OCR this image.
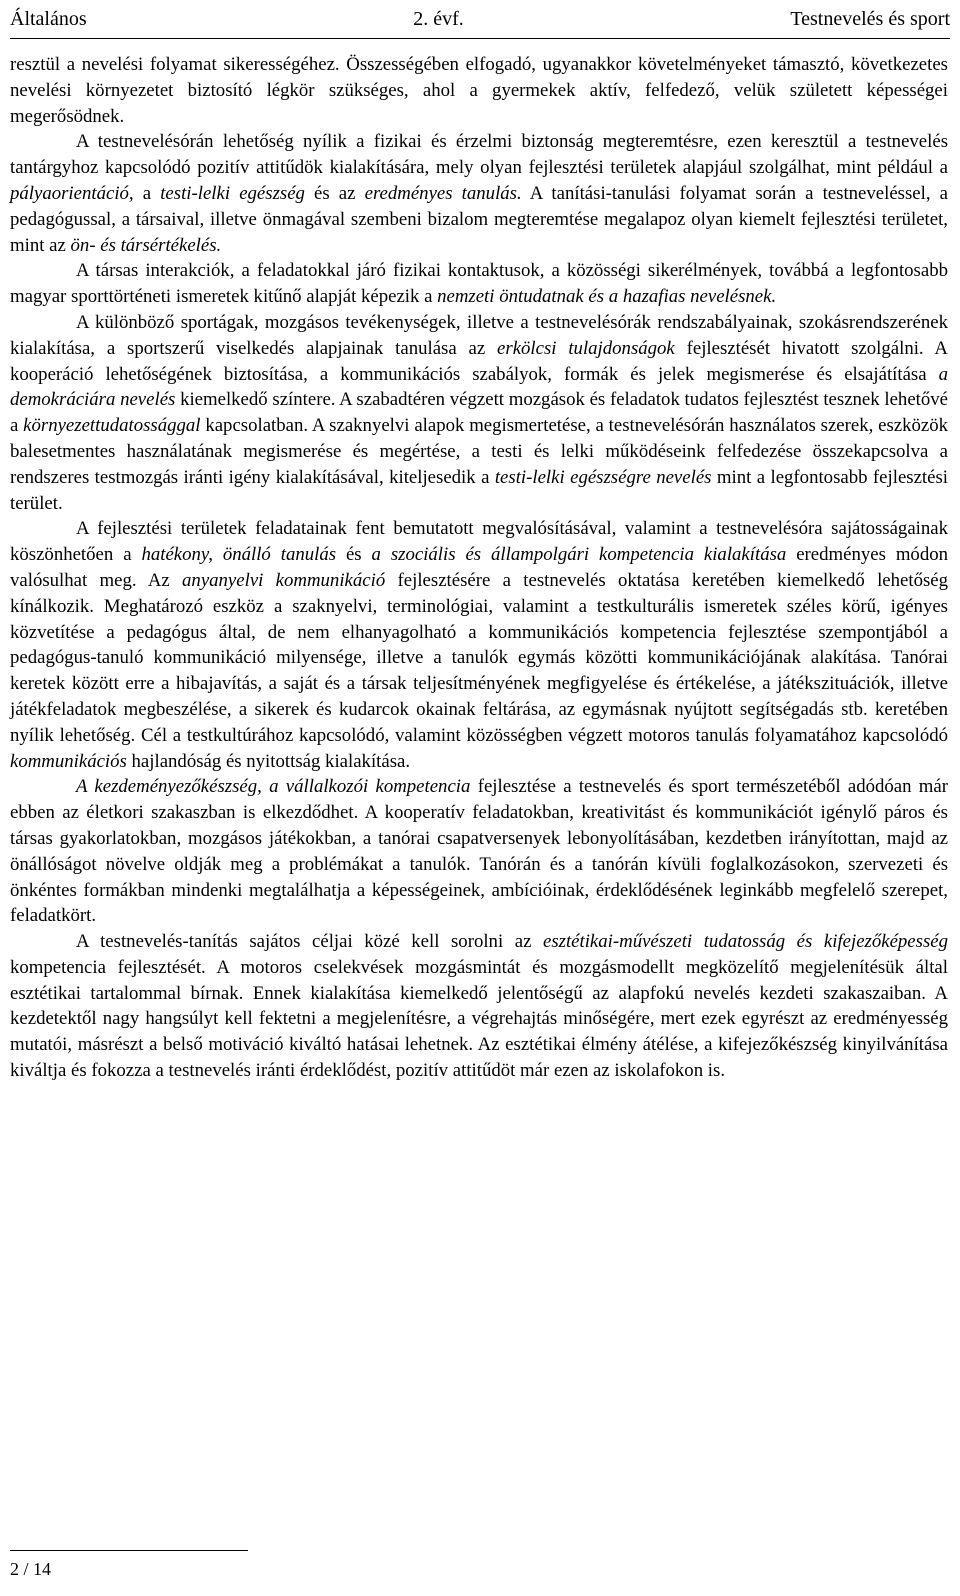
Általános	2. évf.	Testnevelés és sport

resztül a nevelési folyamat sikerességéhez. Összességében elfogadó, ugyanakkor követelményeket támasztó, következetes nevelési környezetet biztosító légkör szükséges, ahol a gyermekek aktív, felfedező, velük született képességei megerősödnek.

A testnevelésórán lehetőség nyílik a fizikai és érzelmi biztonság megteremtésre, ezen keresztül a testnevelés tantárgyhoz kapcsolódó pozitív attitűdök kialakítására, mely olyan fejlesztési területek alapjául szolgálhat, mint például a pályaorientáció, a testi-lelki egészség és az eredményes tanulás. A tanítási-tanulási folyamat során a testneveléssel, a pedagógussal, a társaival, illetve önmagával szembeni bizalom megteremtése megalapoz olyan kiemelt fejlesztési területet, mint az ön- és társértékelés.

A társas interakciók, a feladatokkal járó fizikai kontaktusok, a közösségi sikerélmények, továbbá a legfontosabb magyar sporttörténeti ismeretek kitűnő alapját képezik a nemzeti öntudatnak és a hazafias nevelésnek.

A különböző sportágak, mozgásos tevékenységek, illetve a testnevelésórák rendszabályainak, szokásrendszerének kialakítása, a sportszerű viselkedés alapjainak tanulása az erkölcsi tulajdonságok fejlesztését hivatott szolgálni. A kooperáció lehetőségének biztosítása, a kommunikációs szabályok, formák és jelek megismerése és elsajátítása a demokráciára nevelés kiemelkedő színtere. A szabadtéren végzett mozgások és feladatok tudatos fejlesztést tesznek lehetővé a környezettudatossággal kapcsolatban. A szaknyelvi alapok megismertetése, a testnevelésórán használatos szerek, eszközök balesetmentes használatának megismerése és megértése, a testi és lelki működéseink felfedezése összekapcsolva a rendszeres testmozgás iránti igény kialakításával, kiteljesedik a testi-lelki egészségre nevelés mint a legfontosabb fejlesztési terület.

A fejlesztési területek feladatainak fent bemutatott megvalósításával, valamint a testnevelésóra sajátosságainak köszönhetően a hatékony, önálló tanulás és a szociális és állampolgári kompetencia kialakítása eredményes módon valósulhat meg. Az anyanyelvi kommunikáció fejlesztésére a testnevelés oktatása keretében kiemelkedő lehetőség kínálkozik. Meghatározó eszköz a szaknyelvi, terminológiai, valamint a testkulturális ismeretek széles körű, igényes közvetítése a pedagógus által, de nem elhanyagolható a kommunikációs kompetencia fejlesztése szempontjából a pedagógus-tanuló kommunikáció milyensége, illetve a tanulók egymás közötti kommunikációjának alakítása. Tanórai keretek között erre a hibajavítás, a saját és a társak teljesítményének megfigyelése és értékelése, a játékszituációk, illetve játékfeladatok megbeszélése, a sikerek és kudarcok okainak feltárása, az egymásnak nyújtott segítségadás stb. keretében nyílik lehetőség. Cél a testkultúrához kapcsolódó, valamint közösségben végzett motoros tanulás folyamatához kapcsolódó kommunikációs hajlandóság és nyitottság kialakítása.

A kezdeményezőkészség, a vállalkozói kompetencia fejlesztése a testnevelés és sport természetéből adódóan már ebben az életkori szakaszban is elkezdődhet. A kooperatív feladatokban, kreativitást és kommunikációt igénylő páros és társas gyakorlatokban, mozgásos játékokban, a tanórai csapatversenyek lebonyolításában, kezdetben irányítottan, majd az önállóságot növelve oldják meg a problémákat a tanulók. Tanórán és a tanórán kívüli foglalkozásokon, szervezeti és önkéntes formákban mindenki megtalálhatja a képességeinek, ambícióinak, érdeklődésének leginkább megfelelő szerepet, feladatkört.

A testnevelés-tanítás sajátos céljai közé kell sorolni az esztétikai-művészeti tudatosság és kifejezőképesség kompetencia fejlesztését. A motoros cselekvések mozgásmintát és mozgásmodellt megközelítő megjelenítésük által esztétikai tartalommal bírnak. Ennek kialakítása kiemelkedő jelentőségű az alapfokú nevelés kezdeti szakaszaiban. A kezdetektől nagy hangsúlyt kell fektetni a megjelenítésre, a végrehajtás minőségére, mert ezek egyrészt az eredményesség mutatói, másrészt a belső motiváció kiváltó hatásai lehetnek. Az esztétikai élmény átélése, a kifejezőkészség kinyilvánítása kiváltja és fokozza a testnevelés iránti érdeklődést, pozitív attitűdöt már ezen az iskolafokon is.

2 / 14
